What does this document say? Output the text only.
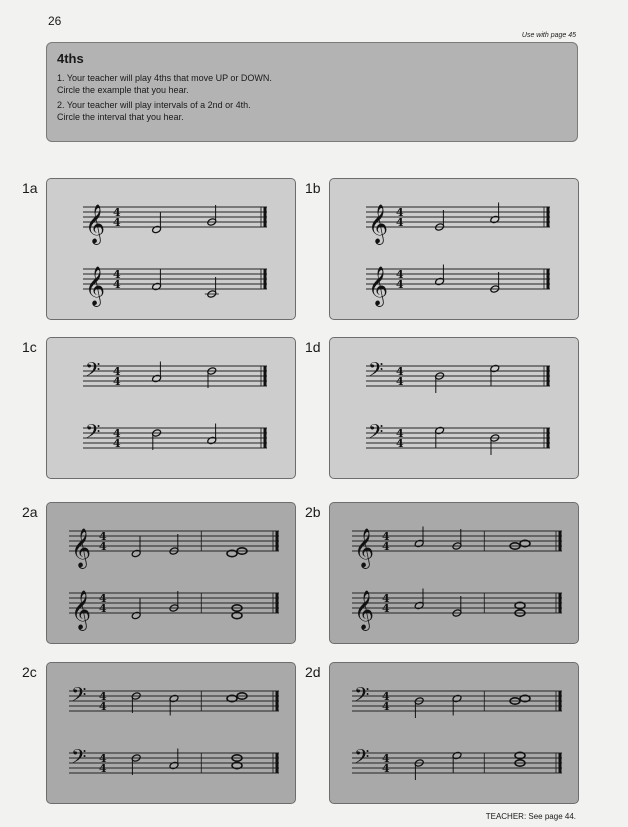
26
Use with page 45
4ths
1. Your teacher will play 4ths that move UP or DOWN.
Circle the example that you hear.
2. Your teacher will play intervals of a 2nd or 4th.
Circle the interval that you hear.
1a
𝄞 4
4
𝄞 4
4
1b
𝄞 4
4
𝄞 4
4
1c
𝄢 4
4
𝄢 4
4
1d
𝄢 4
4
𝄢 4
4
2a
𝄞 4
4
𝄞 4
4
2b
𝄞 4
4
𝄞 4
4
2c
𝄢 4
4
𝄢 4
4
2d
𝄢 4
4
𝄢 4
4
TEACHER: See page 44.
